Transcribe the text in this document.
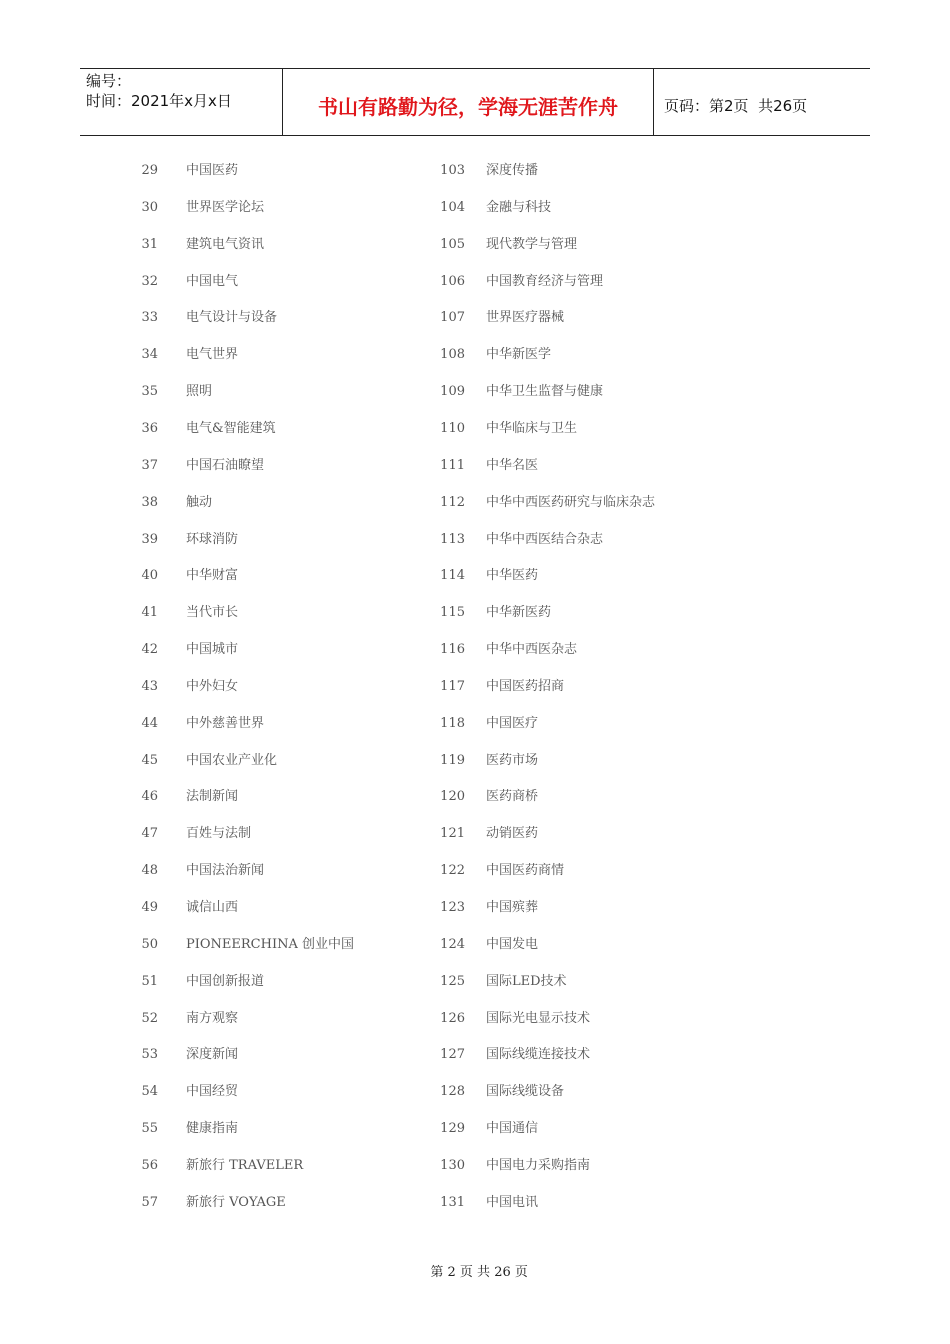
编号：
时间：2021年x月x日	书山有路勤为径，学海无涯苦作舟	页码：第2页  共26页
29 中国医药
30 世界医学论坛
31 建筑电气资讯
32 中国电气
33 电气设计与设备
34 电气世界
35 照明
36 电气&智能建筑
37 中国石油瞭望
38 触动
39 环球消防
40 中华财富
41 当代市长
42 中国城市
43 中外妇女
44 中外慈善世界
45 中国农业产业化
46 法制新闻
47 百姓与法制
48 中国法治新闻
49 诚信山西
50 PIONEERCHINA 创业中国
51 中国创新报道
52 南方观察
53 深度新闻
54 中国经贸
55 健康指南
56 新旅行 TRAVELER
57 新旅行 VOYAGE
103 深度传播
104 金融与科技
105 现代教学与管理
106 中国教育经济与管理
107 世界医疗器械
108 中华新医学
109 中华卫生监督与健康
110 中华临床与卫生
111 中华名医
112 中华中西医药研究与临床杂志
113 中华中西医结合杂志
114 中华医药
115 中华新医药
116 中华中西医杂志
117 中国医药招商
118 中国医疗
119 医药市场
120 医药商桥
121 动销医药
122 中国医药商情
123 中国殡葬
124 中国发电
125 国际LED技术
126 国际光电显示技术
127 国际线缆连接技术
128 国际线缆设备
129 中国通信
130 中国电力采购指南
131 中国电讯

第 2 页 共 26 页
